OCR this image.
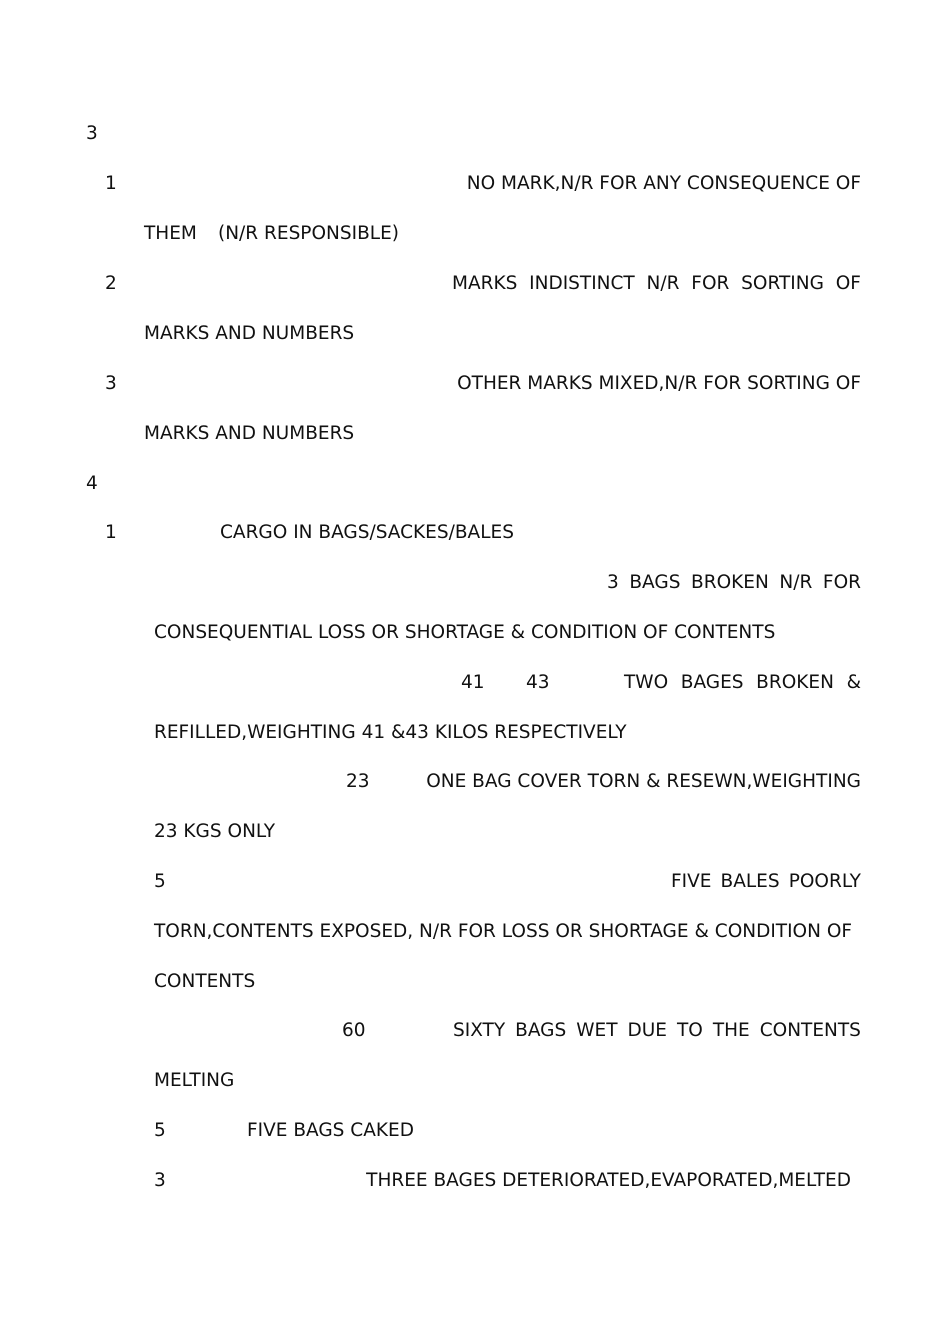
3
1	NO MARK,N/R FOR ANY CONSEQUENCE OF
THEM (N/R RESPONSIBLE)
2	MARKS INDISTINCT N/R FOR SORTING OF
MARKS AND NUMBERS
3	OTHER MARKS MIXED,N/R FOR SORTING OF
MARKS AND NUMBERS
4
1	CARGO IN BAGS/SACKES/BALES
3 BAGS BROKEN N/R FOR
CONSEQUENTIAL LOSS OR SHORTAGE & CONDITION OF CONTENTS
41 43	TWO BAGES BROKEN &
REFILLED,WEIGHTING 41 &43 KILOS RESPECTIVELY
23	ONE BAG COVER TORN & RESEWN,WEIGHTING
23 KGS ONLY
5	FIVE BALES POORLY
TORN,CONTENTS EXPOSED, N/R FOR LOSS OR SHORTAGE & CONDITION OF
CONTENTS
60	SIXTY BAGS WET DUE TO THE CONTENTS
MELTING
5	FIVE BAGS CAKED
3	THREE BAGES DETERIORATED,EVAPORATED,MELTED
